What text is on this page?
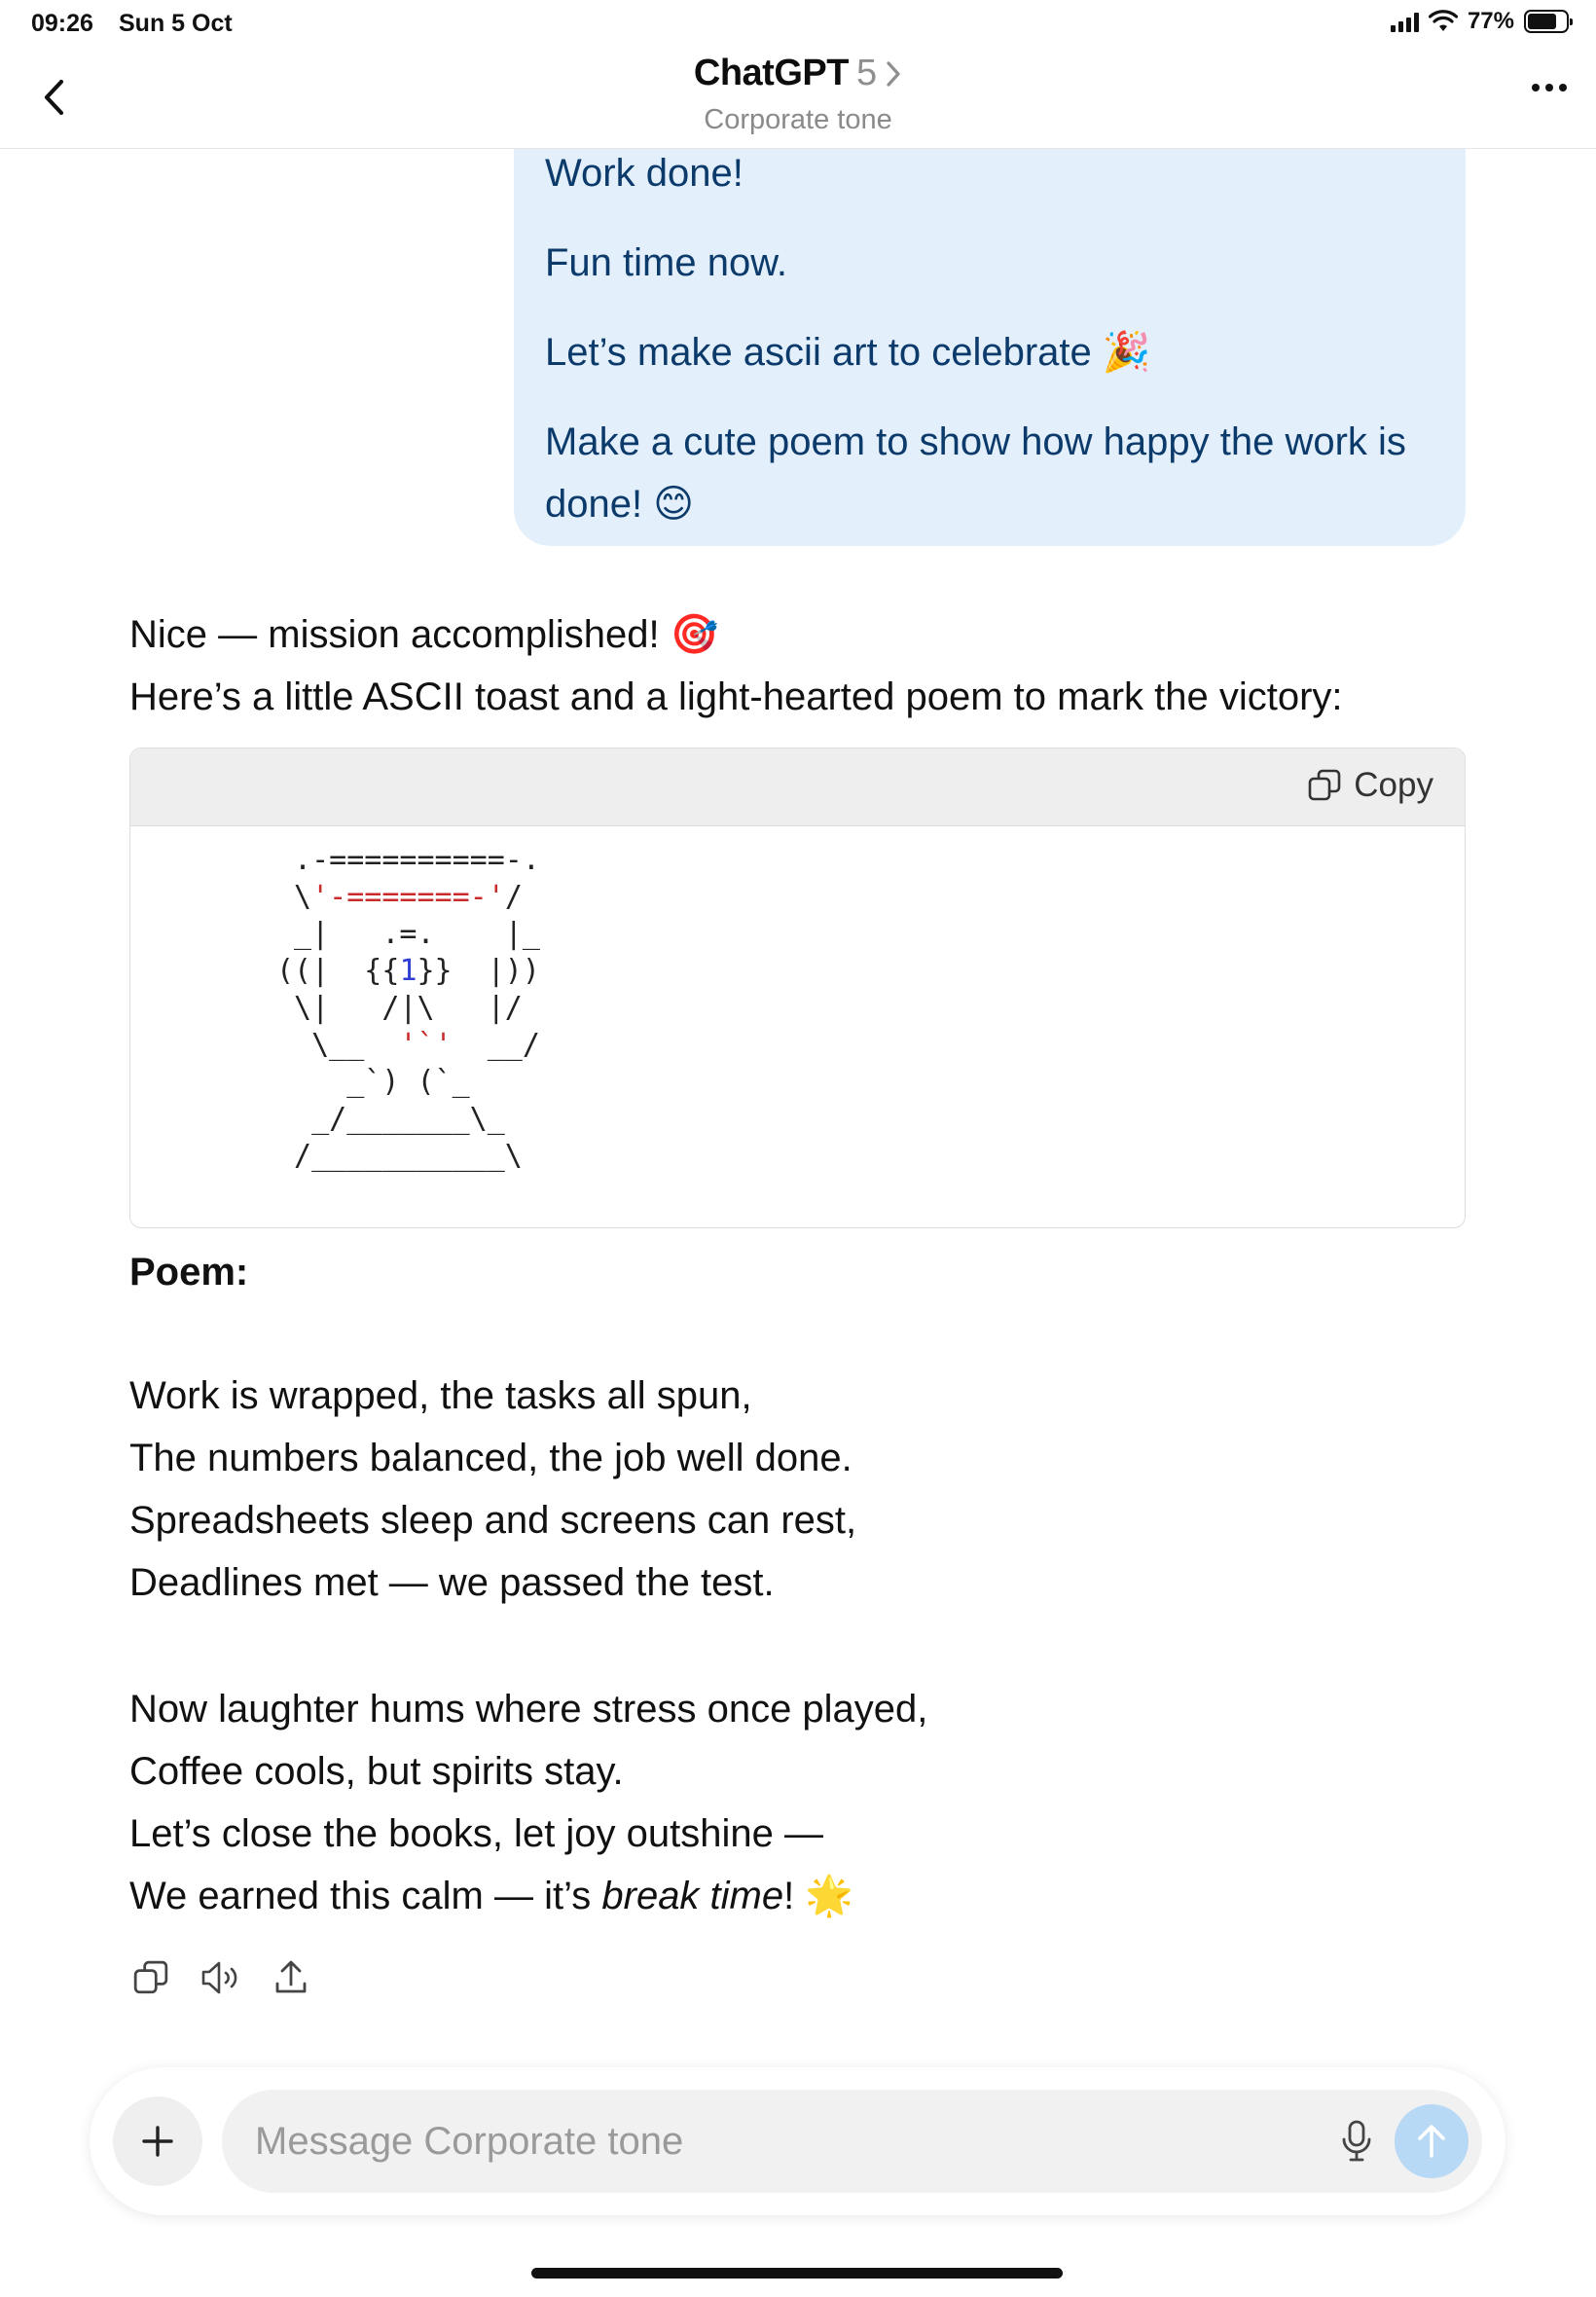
09:26 Sun 5 Oct	77%

Work done!

Fun time now.

Let’s make ascii art to celebrate 🎉

Make a cute poem to show how happy the work is done! 😊

ChatGPT 5
Corporate tone
Nice — mission accomplished! 🎯
Here’s a little ASCII toast and a light-hearted poem to mark the victory:
Copy
.-==========-.
\'-=======-'/
_|   .=.    |_
((|  {{1}}  |))
\|   /|\   |/
\__  '`'  __/
_`) (`_
_/_______\_
/___________\
Poem:
Work is wrapped, the tasks all spun,
The numbers balanced, the job well done.
Spreadsheets sleep and screens can rest,
Deadlines met — we passed the test.
Now laughter hums where stress once played,
Coffee cools, but spirits stay.
Let’s close the books, let joy outshine —
We earned this calm — it’s break time! 🌟
Message Corporate tone
